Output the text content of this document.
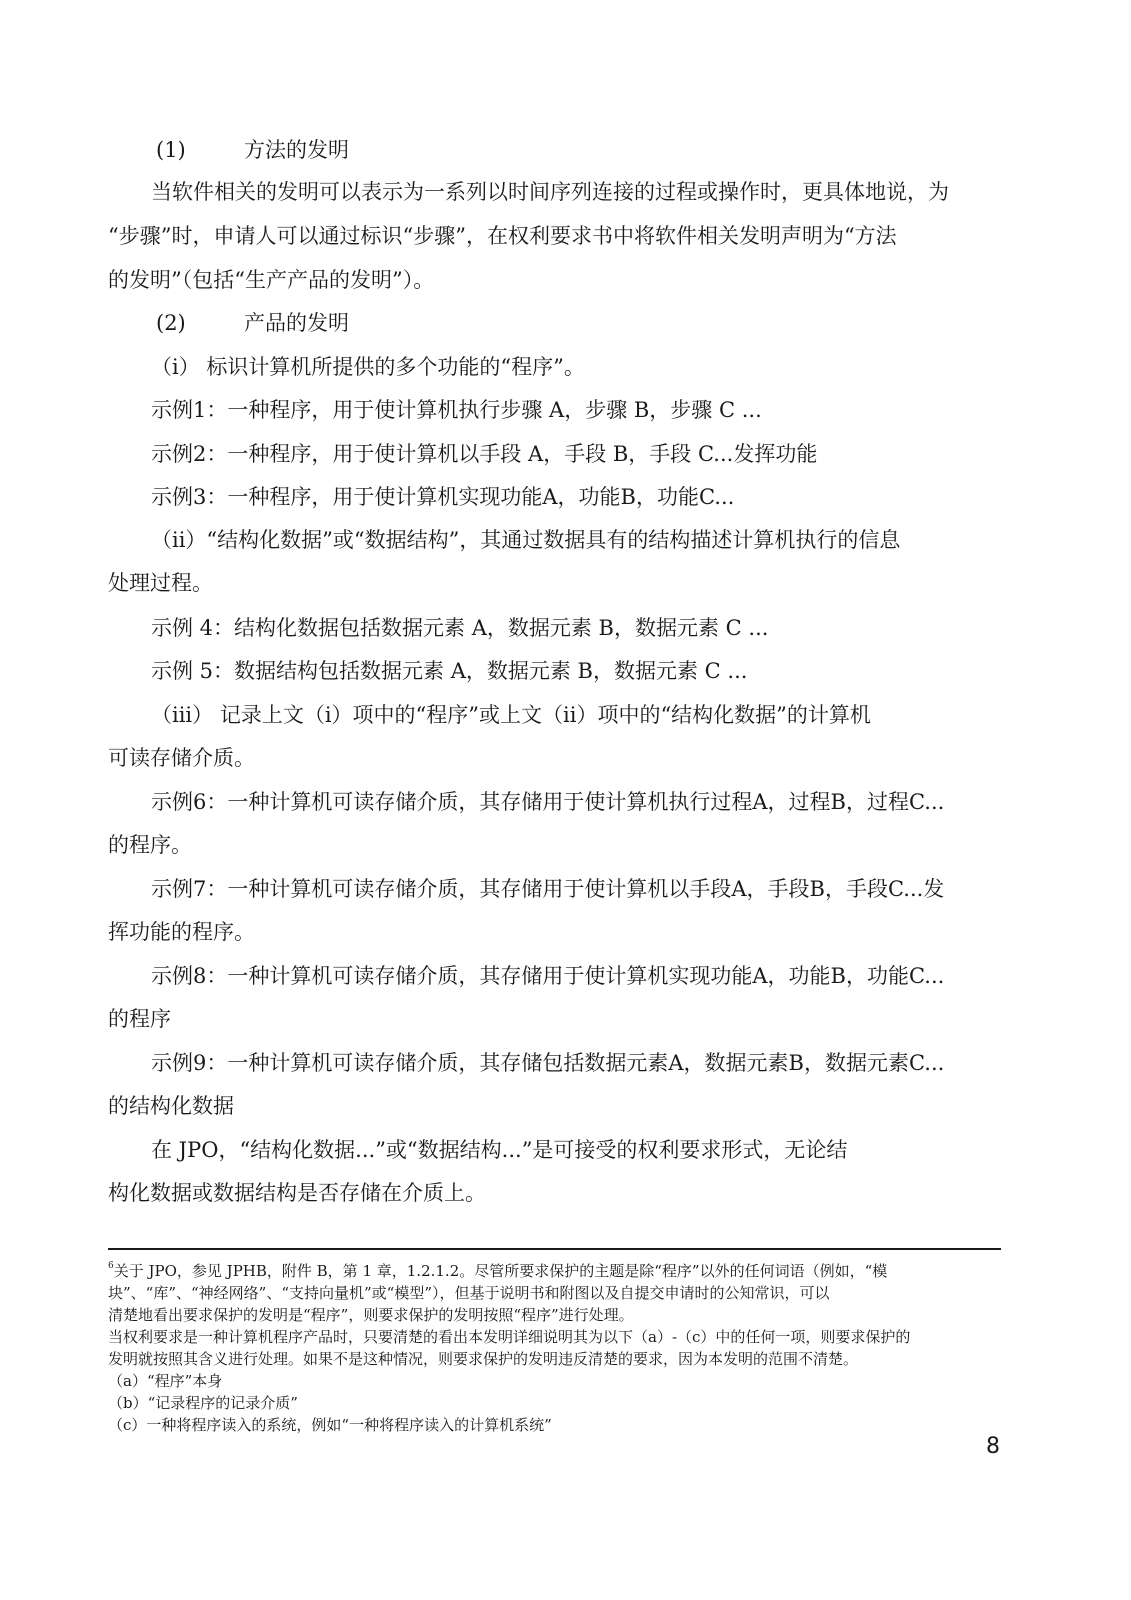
(1)	方法的发明
当软件相关的发明可以表示为一系列以时间序列连接的过程或操作时，更具体地说，为
“步骤”时，申请人可以通过标识“步骤”，在权利要求书中将软件相关发明声明为“方法
的发明”（包括“生产产品的发明”）。
(2)	产品的发明
（i） 标识计算机所提供的多个功能的“程序”。
示例1：一种程序，用于使计算机执行步骤 A，步骤 B，步骤 C ...
示例2：一种程序，用于使计算机以手段 A，手段 B，手段 C...发挥功能
示例3：一种程序，用于使计算机实现功能A，功能B，功能C...
（ii）“结构化数据”或“数据结构”，其通过数据具有的结构描述计算机执行的信息
处理过程。
示例 4：结构化数据包括数据元素 A，数据元素 B，数据元素 C ...
示例 5：数据结构包括数据元素 A，数据元素 B，数据元素 C ...
（iii） 记录上文（i）项中的“程序”或上文（ii）项中的“结构化数据”的计算机
可读存储介质。
示例6：一种计算机可读存储介质，其存储用于使计算机执行过程A，过程B，过程C...
的程序。
示例7：一种计算机可读存储介质，其存储用于使计算机以手段A，手段B，手段C...发
挥功能的程序。
示例8：一种计算机可读存储介质，其存储用于使计算机实现功能A，功能B，功能C...
的程序
示例9：一种计算机可读存储介质，其存储包括数据元素A，数据元素B，数据元素C...
的结构化数据
在 JPO，“结构化数据...”或“数据结构...”是可接受的权利要求形式，无论结
构化数据或数据结构是否存储在介质上。
$^6$关于 JPO，参见 JPHB，附件 B，第 1 章，1.2.1.2。尽管所要求保护的主题是除“程序”以外的任何词语（例如，“模
块”、“库”、“神经网络”、“支持向量机”或“模型”），但基于说明书和附图以及自提交申请时的公知常识，可以
清楚地看出要求保护的发明是“程序”，则要求保护的发明按照“程序”进行处理。
当权利要求是一种计算机程序产品时，只要清楚的看出本发明详细说明其为以下（a）-（c）中的任何一项，则要求保护的
发明就按照其含义进行处理。如果不是这种情况，则要求保护的发明违反清楚的要求，因为本发明的范围不清楚。
（a）“程序”本身
（b）“记录程序的记录介质”
（c）一种将程序读入的系统，例如“一种将程序读入的计算机系统”
8
